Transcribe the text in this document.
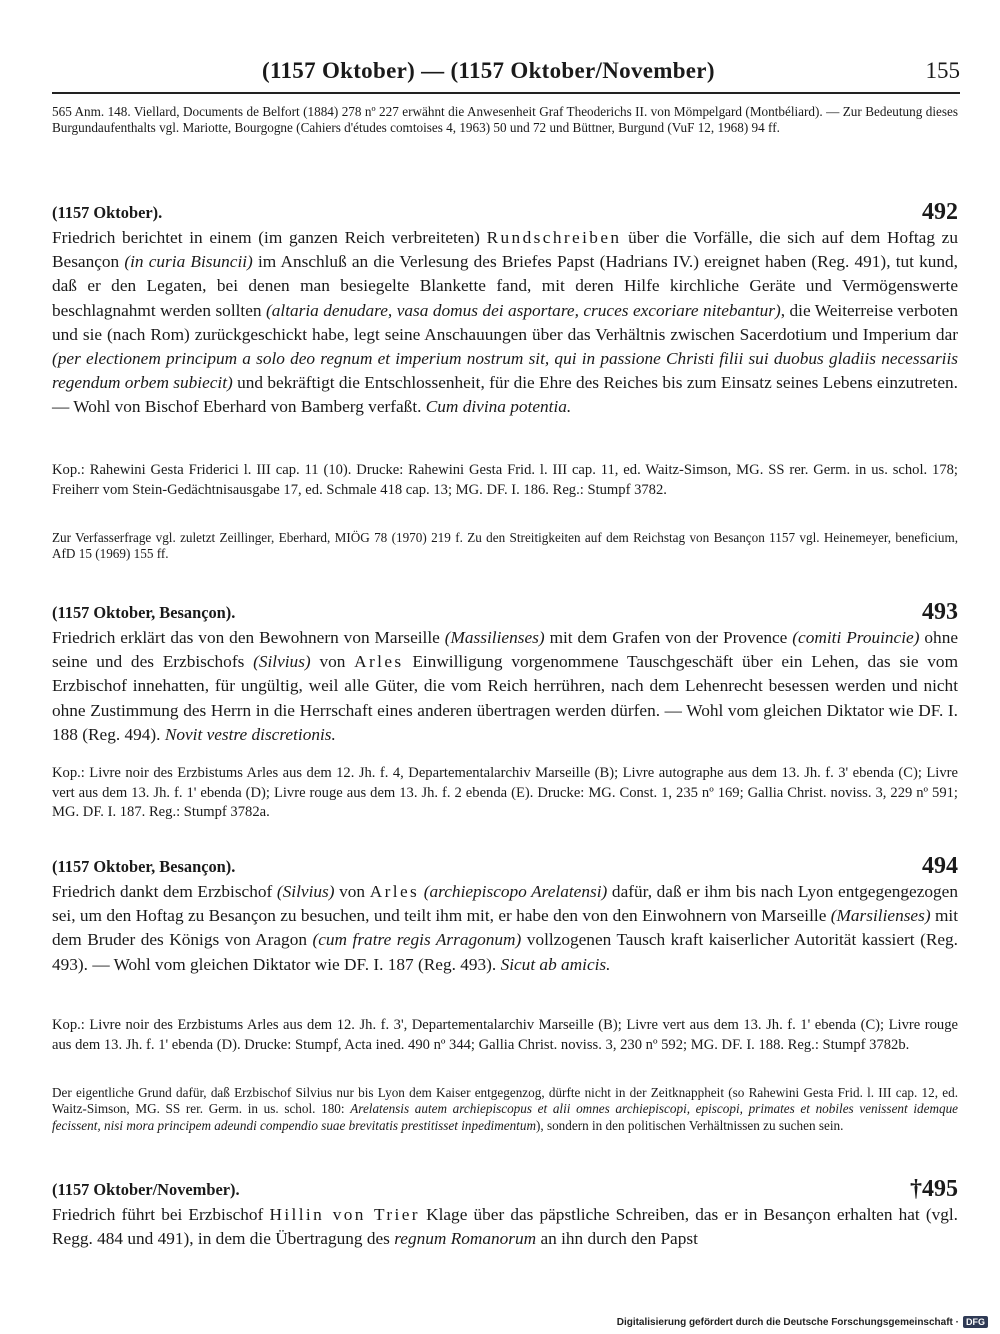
(1157 Oktober) — (1157 Oktober/November)	155
565 Anm. 148. Viellard, Documents de Belfort (1884) 278 nº 227 erwähnt die Anwesenheit Graf Theoderichs II. von Mömpelgard (Montbéliard). — Zur Bedeutung dieses Burgundaufenthalts vgl. Mariotte, Bourgogne (Cahiers d'études comtoises 4, 1963) 50 und 72 und Büttner, Burgund (VuF 12, 1968) 94 ff.
(1157 Oktober).	492
Friedrich berichtet in einem (im ganzen Reich verbreiteten) Rundschreiben über die Vorfälle, die sich auf dem Hoftag zu Besançon (in curia Bisuncii) im Anschluß an die Verlesung des Briefes Papst (Hadrians IV.) ereignet haben (Reg. 491), tut kund, daß er den Legaten, bei denen man besiegelte Blankette fand, mit deren Hilfe kirchliche Geräte und Vermögenswerte beschlagnahmt werden sollten (altaria denudare, vasa domus dei asportare, cruces excoriare nitebantur), die Weiterreise verboten und sie (nach Rom) zurückgeschickt habe, legt seine Anschauungen über das Verhältnis zwischen Sacerdotium und Imperium dar (per electionem principum a solo deo regnum et imperium nostrum sit, qui in passione Christi filii sui duobus gladiis necessariis regendum orbem subiecit) und bekräftigt die Entschlossenheit, für die Ehre des Reiches bis zum Einsatz seines Lebens einzutreten. — Wohl von Bischof Eberhard von Bamberg verfaßt. Cum divina potentia.
Kop.: Rahewini Gesta Friderici l. III cap. 11 (10). Drucke: Rahewini Gesta Frid. l. III cap. 11, ed. Waitz-Simson, MG. SS rer. Germ. in us. schol. 178; Freiherr vom Stein-Gedächtnisausgabe 17, ed. Schmale 418 cap. 13; MG. DF. I. 186. Reg.: Stumpf 3782.
Zur Verfasserfrage vgl. zuletzt Zeillinger, Eberhard, MIÖG 78 (1970) 219 f. Zu den Streitigkeiten auf dem Reichstag von Besançon 1157 vgl. Heinemeyer, beneficium, AfD 15 (1969) 155 ff.
(1157 Oktober, Besançon).	493
Friedrich erklärt das von den Bewohnern von Marseille (Massilienses) mit dem Grafen von der Provence (comiti Prouincie) ohne seine und des Erzbischofs (Silvius) von Arles Einwilligung vorgenommene Tauschgeschäft über ein Lehen, das sie vom Erzbischof innehatten, für ungültig, weil alle Güter, die vom Reich herrühren, nach dem Lehenrecht besessen werden und nicht ohne Zustimmung des Herrn in die Herrschaft eines anderen übertragen werden dürfen. — Wohl vom gleichen Diktator wie DF. I. 188 (Reg. 494). Novit vestre discretionis.
Kop.: Livre noir des Erzbistums Arles aus dem 12. Jh. f. 4, Departementalarchiv Marseille (B); Livre autographe aus dem 13. Jh. f. 3' ebenda (C); Livre vert aus dem 13. Jh. f. 1' ebenda (D); Livre rouge aus dem 13. Jh. f. 2 ebenda (E). Drucke: MG. Const. 1, 235 nº 169; Gallia Christ. noviss. 3, 229 nº 591; MG. DF. I. 187. Reg.: Stumpf 3782a.
(1157 Oktober, Besançon).	494
Friedrich dankt dem Erzbischof (Silvius) von Arles (archiepiscopo Arelatensi) dafür, daß er ihm bis nach Lyon entgegengezogen sei, um den Hoftag zu Besançon zu besuchen, und teilt ihm mit, er habe den von den Einwohnern von Marseille (Marsilienses) mit dem Bruder des Königs von Aragon (cum fratre regis Arragonum) vollzogenen Tausch kraft kaiserlicher Autorität kassiert (Reg. 493). — Wohl vom gleichen Diktator wie DF. I. 187 (Reg. 493). Sicut ab amicis.
Kop.: Livre noir des Erzbistums Arles aus dem 12. Jh. f. 3', Departementalarchiv Marseille (B); Livre vert aus dem 13. Jh. f. 1' ebenda (C); Livre rouge aus dem 13. Jh. f. 1' ebenda (D). Drucke: Stumpf, Acta ined. 490 nº 344; Gallia Christ. noviss. 3, 230 nº 592; MG. DF. I. 188. Reg.: Stumpf 3782b.
Der eigentliche Grund dafür, daß Erzbischof Silvius nur bis Lyon dem Kaiser entgegenzog, dürfte nicht in der Zeitknappheit (so Rahewini Gesta Frid. l. III cap. 12, ed. Waitz-Simson, MG. SS rer. Germ. in us. schol. 180: Arelatensis autem archiepiscopus et alii omnes archiepiscopi, episcopi, primates et nobiles venissent idemque fecissent, nisi mora principem adeundi compendio suae brevitatis prestitisset inpedimentum), sondern in den politischen Verhältnissen zu suchen sein.
(1157 Oktober/November).	†495
Friedrich führt bei Erzbischof Hillin von Trier Klage über das päpstliche Schreiben, das er in Besançon erhalten hat (vgl. Regg. 484 und 491), in dem die Übertragung des regnum Romanorum an ihn durch den Papst
Digitalisierung gefördert durch die Deutsche Forschungsgemeinschaft · DFG
